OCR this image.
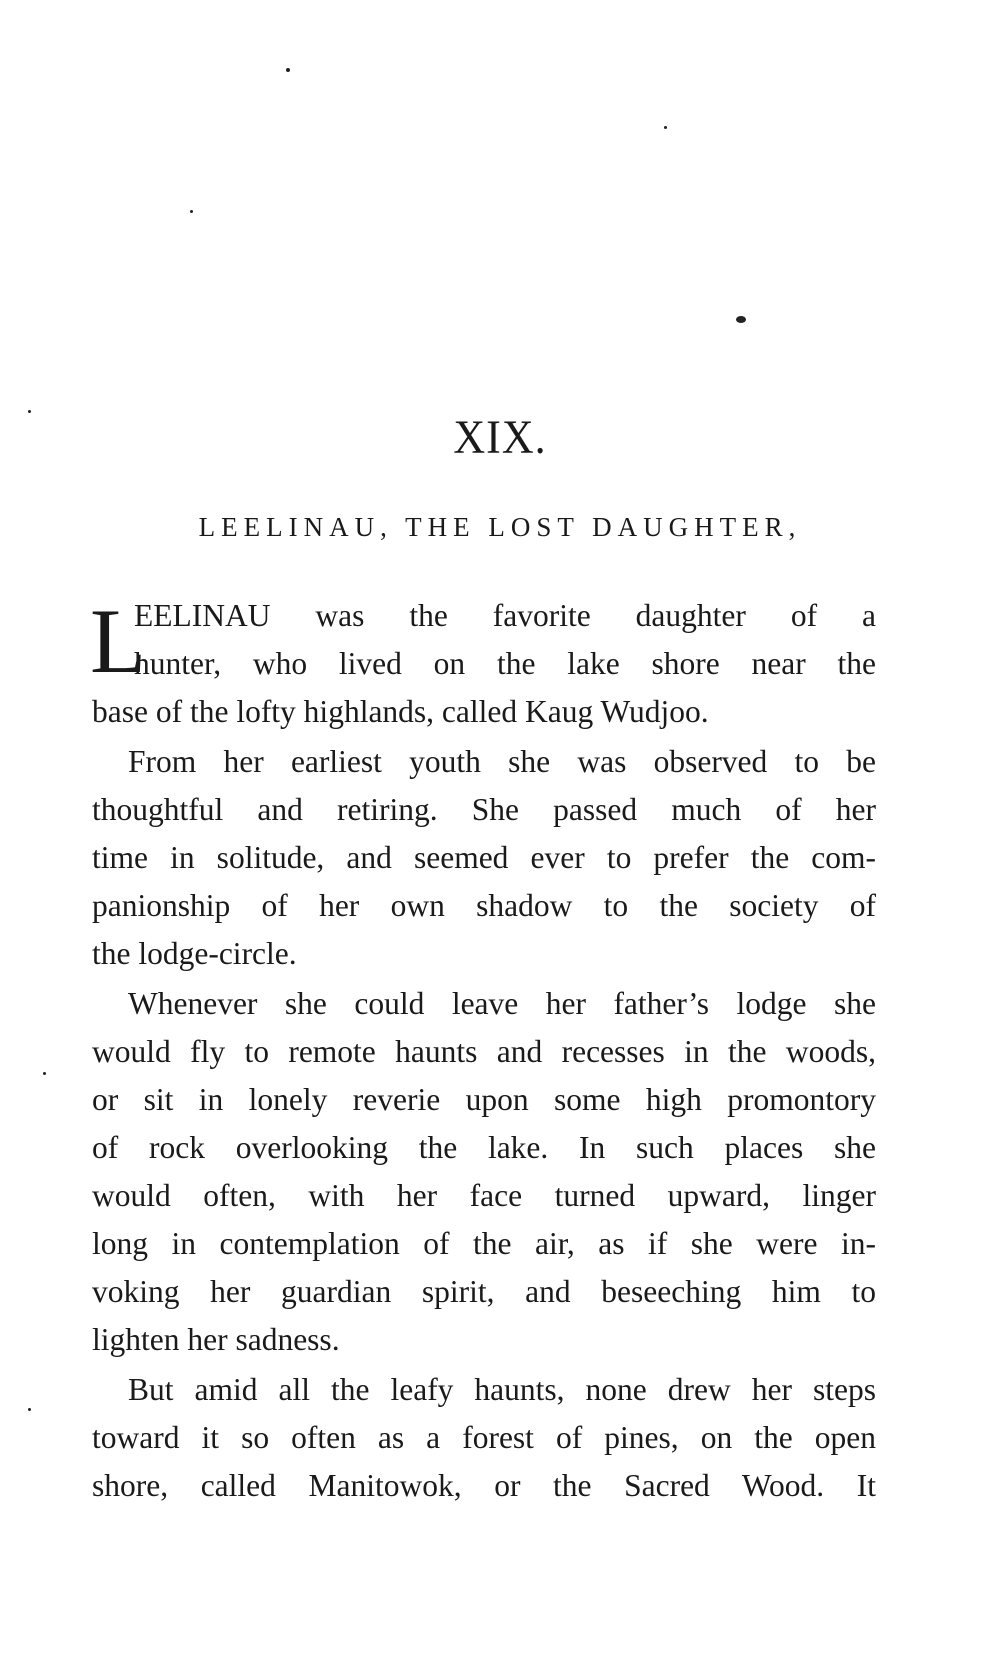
XIX.
LEELINAU, THE LOST DAUGHTER,
L
EELINAU was the favorite daughter of a
hunter, who lived on the lake shore near the
base of the lofty highlands, called Kaug Wudjoo.
From her earliest youth she was observed to be
thoughtful and retiring. She passed much of her
time in solitude, and seemed ever to prefer the com-
panionship of her own shadow to the society of
the lodge-circle.
Whenever she could leave her father’s lodge she
would fly to remote haunts and recesses in the woods,
or sit in lonely reverie upon some high promontory
of rock overlooking the lake. In such places she
would often, with her face turned upward, linger
long in contemplation of the air, as if she were in-
voking her guardian spirit, and beseeching him to
lighten her sadness.
But amid all the leafy haunts, none drew her steps
toward it so often as a forest of pines, on the open
shore, called Manitowok, or the Sacred Wood. It
